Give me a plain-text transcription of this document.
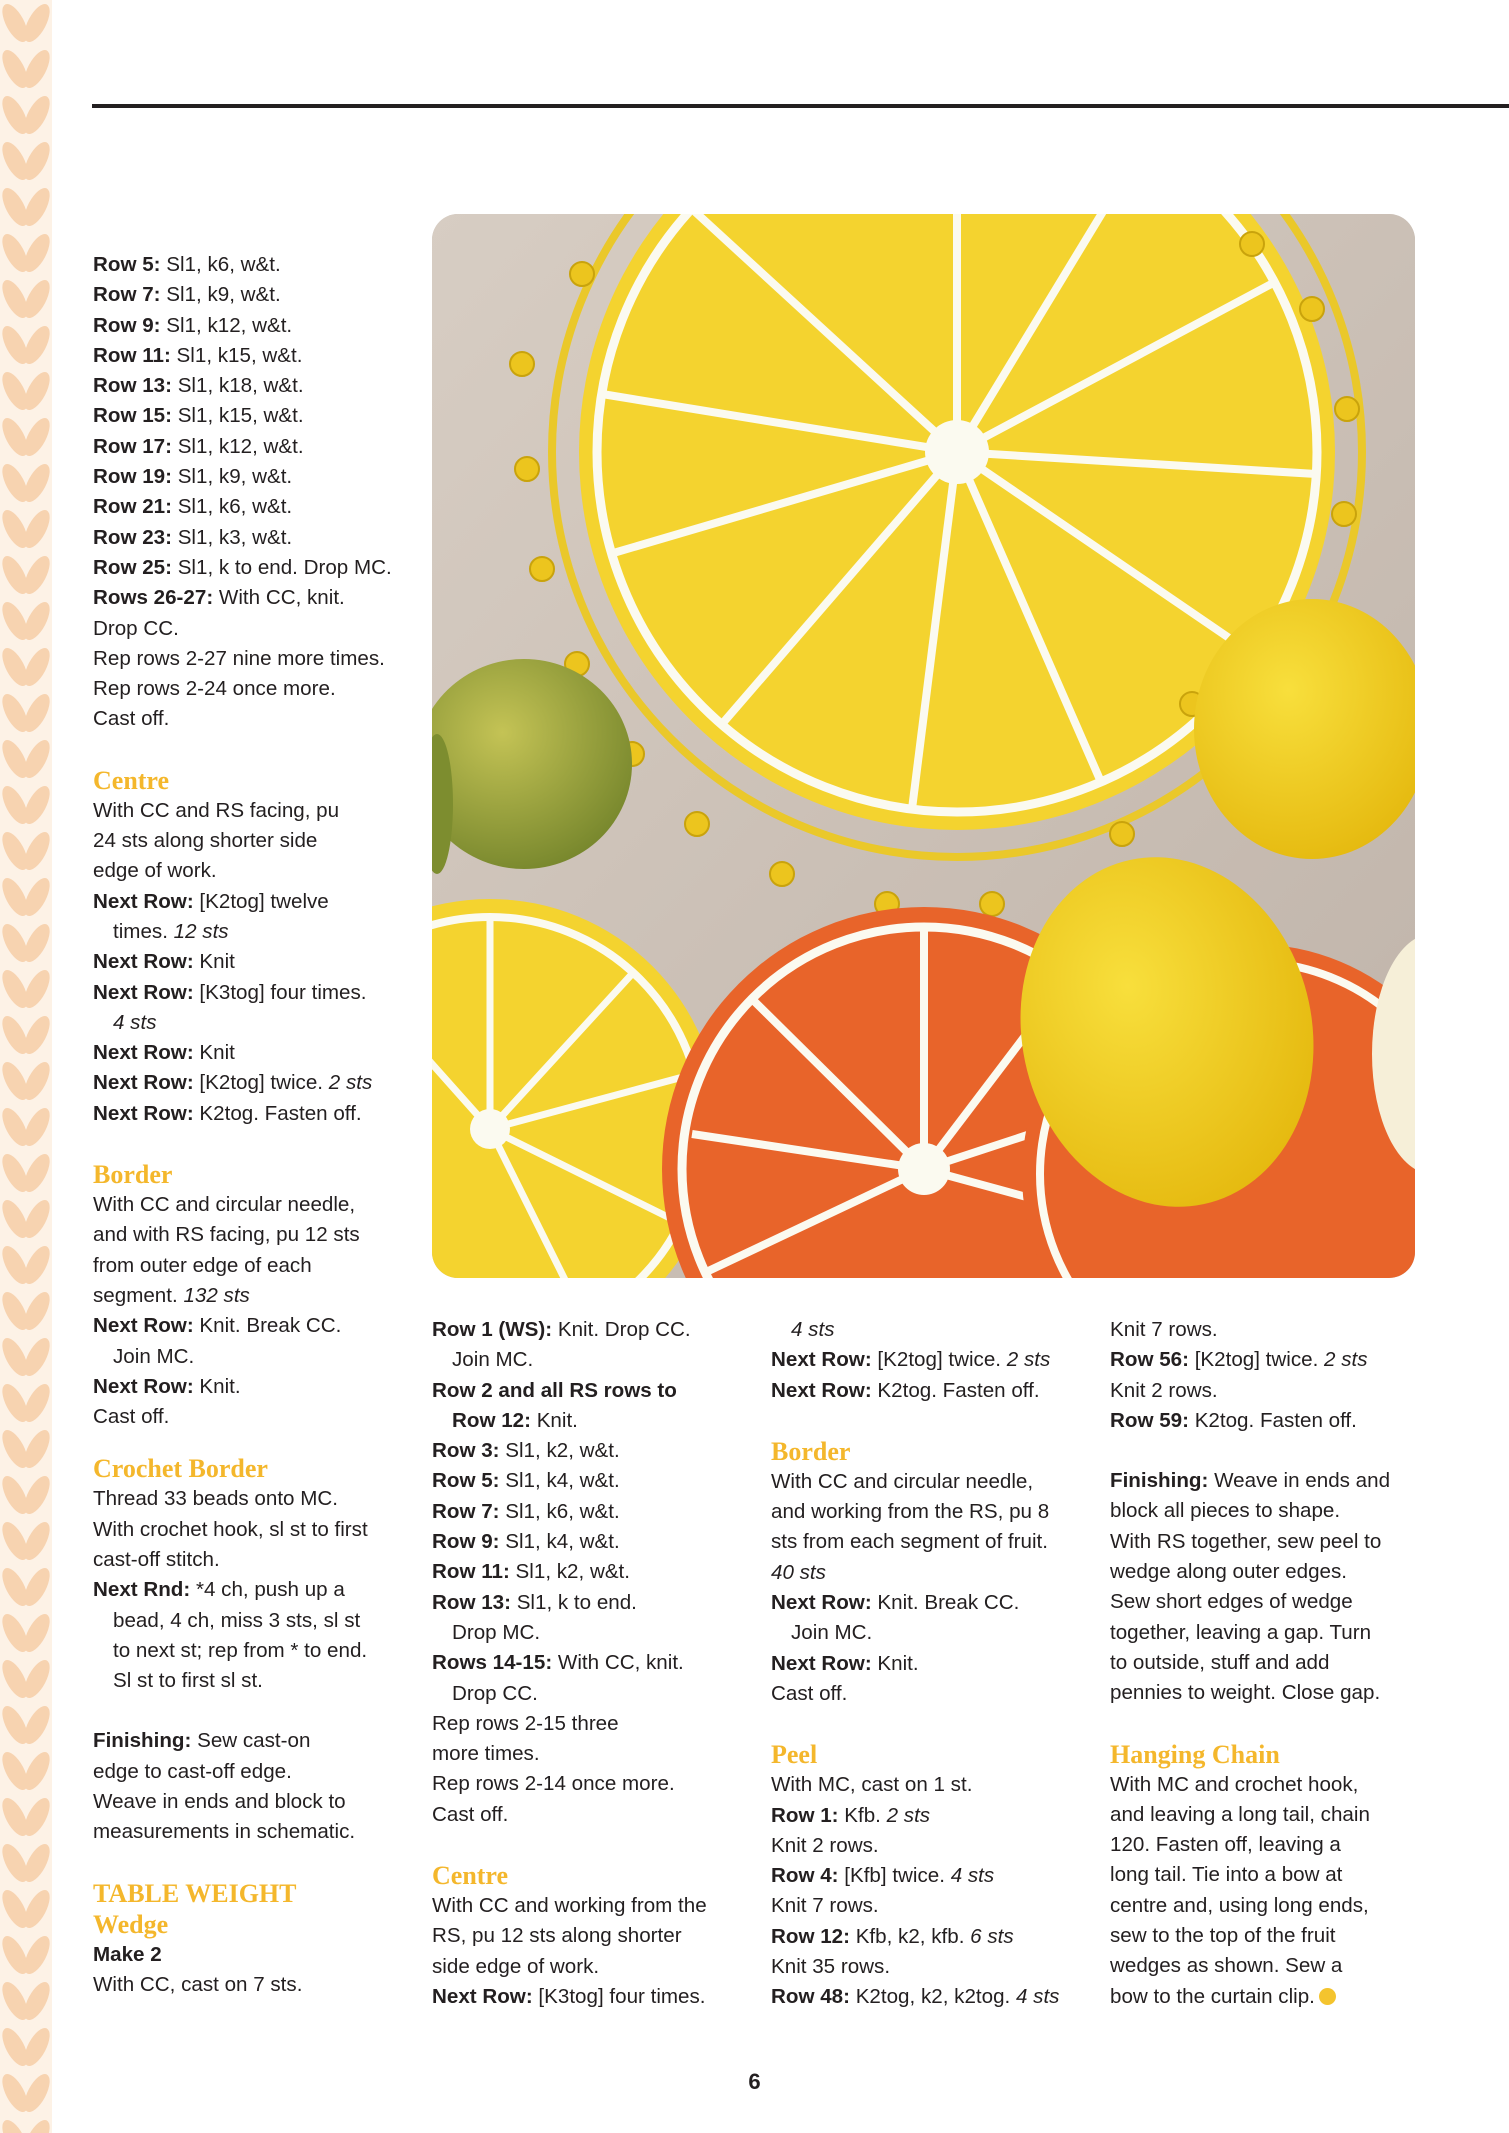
Row 5: Sl1, k6, w&t.

Row 7: Sl1, k9, w&t.

Row 9: Sl1, k12, w&t.

Row 11: Sl1, k15, w&t.

Row 13: Sl1, k18, w&t.

Row 15: Sl1, k15, w&t.

Row 17: Sl1, k12, w&t.

Row 19: Sl1, k9, w&t.

Row 21: Sl1, k6, w&t.

Row 23: Sl1, k3, w&t.

Row 25: Sl1, k to end. Drop MC.

Rows 26-27: With CC, knit.

Drop CC.

Rep rows 2-27 nine more times.

Rep rows 2-24 once more.

Cast off.

Centre

With CC and RS facing, pu

24 sts along shorter side

edge of work.

Next Row: [K2tog] twelve

times. 12 sts

Next Row: Knit

Next Row: [K3tog] four times.

4 sts

Next Row: Knit

Next Row: [K2tog] twice. 2 sts

Next Row: K2tog. Fasten off.

Border

With CC and circular needle,

and with RS facing, pu 12 sts

from outer edge of each

segment. 132 sts

Next Row: Knit. Break CC.

Join MC.

Next Row: Knit.

Cast off.

Crochet Border

Thread 33 beads onto MC.

With crochet hook, sl st to first

cast-off stitch.

Next Rnd: *4 ch, push up a

bead, 4 ch, miss 3 sts, sl st

to next st; rep from * to end.

Sl st to first sl st.

Finishing: Sew cast-on

edge to cast-off edge.

Weave in ends and block to

measurements in schematic.

TABLE WEIGHT
Wedge

Make 2

With CC, cast on 7 sts.

Row 1 (WS): Knit. Drop CC.

Join MC.

Row 2 and all RS rows to

Row 12: Knit.

Row 3: Sl1, k2, w&t.

Row 5: Sl1, k4, w&t.

Row 7: Sl1, k6, w&t.

Row 9: Sl1, k4, w&t.

Row 11: Sl1, k2, w&t.

Row 13: Sl1, k to end.

Drop MC.

Rows 14-15: With CC, knit.

Drop CC.

Rep rows 2-15 three

more times.

Rep rows 2-14 once more.

Cast off.

Centre

With CC and working from the

RS, pu 12 sts along shorter

side edge of work.

Next Row: [K3tog] four times.

4 sts

Next Row: [K2tog] twice. 2 sts

Next Row: K2tog. Fasten off.

Border

With CC and circular needle,

and working from the RS, pu 8

sts from each segment of fruit.

40 sts

Next Row: Knit. Break CC.

Join MC.

Next Row: Knit.

Cast off.

Peel

With MC, cast on 1 st.

Row 1: Kfb. 2 sts

Knit 2 rows.

Row 4: [Kfb] twice. 4 sts

Knit 7 rows.

Row 12: Kfb, k2, kfb. 6 sts

Knit 35 rows.

Row 48: K2tog, k2, k2tog. 4 sts

Knit 7 rows.

Row 56: [K2tog] twice. 2 sts

Knit 2 rows.

Row 59: K2tog. Fasten off.

Finishing: Weave in ends and

block all pieces to shape.

With RS together, sew peel to

wedge along outer edges.

Sew short edges of wedge

together, leaving a gap. Turn

to outside, stuff and add

pennies to weight. Close gap.

Hanging Chain

With MC and crochet hook,

and leaving a long tail, chain

120. Fasten off, leaving a

long tail. Tie into a bow at

centre and, using long ends,

sew to the top of the fruit

wedges as shown. Sew a

bow to the curtain clip.

6
